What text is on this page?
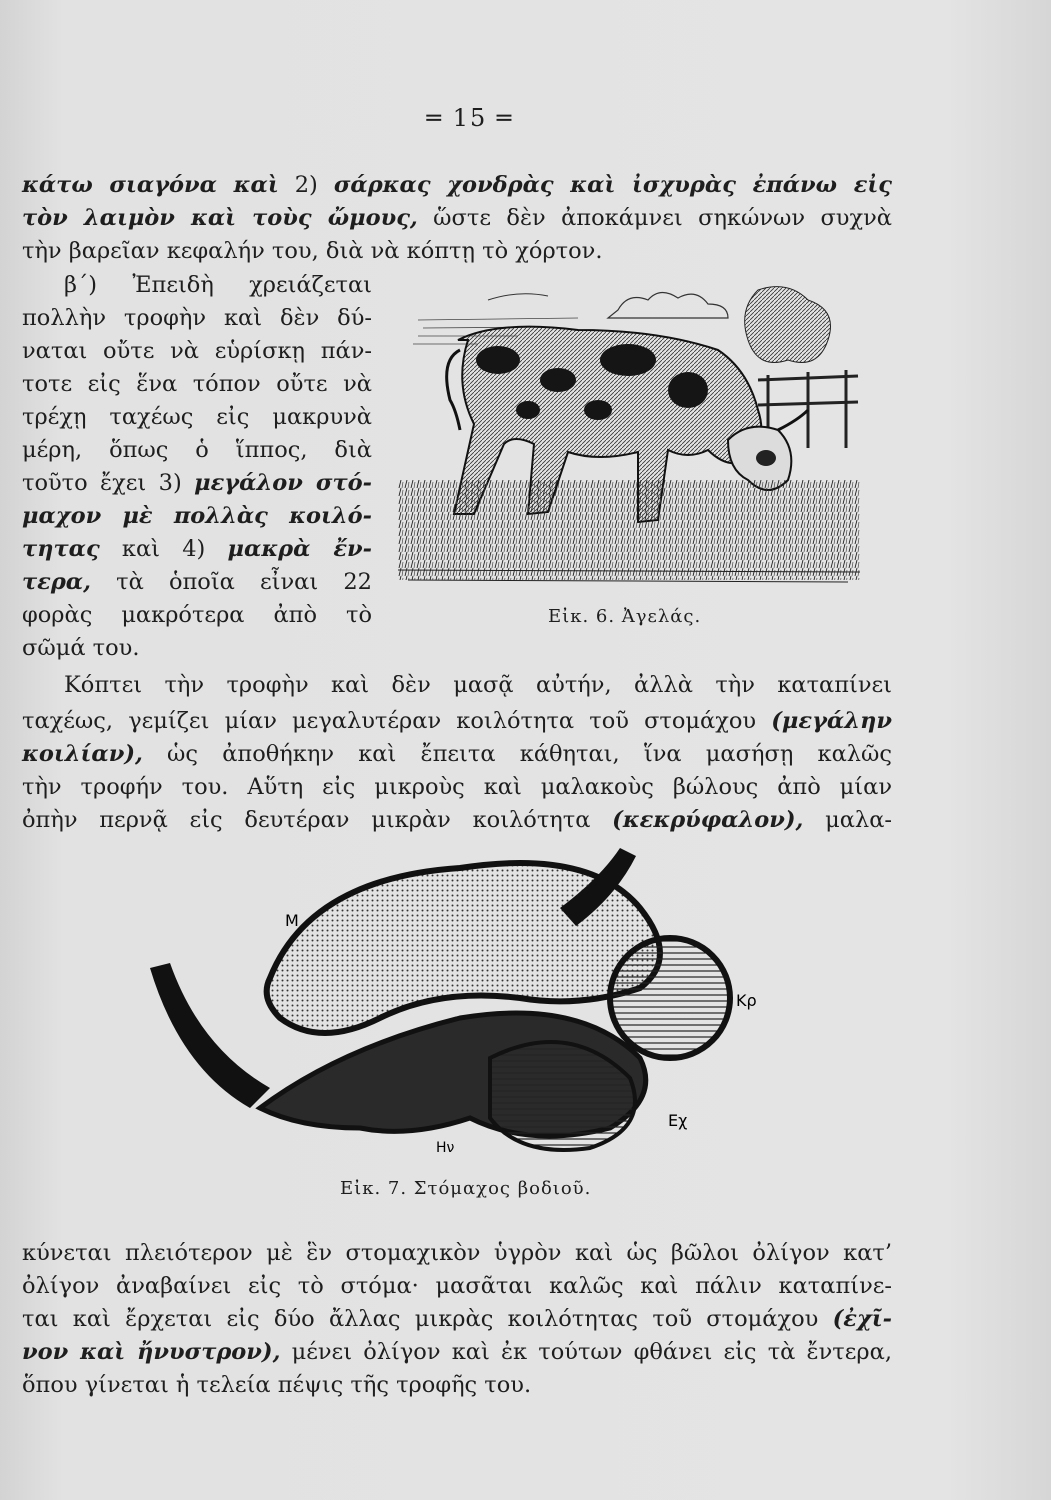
═ 15 ═
κάτω σιαγόνα καὶ 2) σάρκας χονδρὰς καὶ ἰσχυρὰς ἐπάνω εἰς
τὸν λαιμὸν καὶ τοὺς ὤμους, ὥστε δὲν ἀποκάμνει σηκώνων συχνὰ
τὴν βαρεῖαν κεφαλήν του, διὰ νὰ κόπτῃ τὸ χόρτον.
β΄) Ἐπειδὴ χρειάζεται
πολλὴν τροφὴν καὶ δὲν δύ-
ναται οὔτε νὰ εὑρίσκῃ πάν-
τοτε εἰς ἕνα τόπον οὔτε νὰ
τρέχῃ ταχέως εἰς μακρυνὰ
μέρη, ὅπως ὁ ἵππος, διὰ
τοῦτο ἔχει 3) μεγάλον στό-
μαχον μὲ πολλὰς κοιλό-
τητας καὶ 4) μακρὰ ἔν-
τερα, τὰ ὁποῖα εἶναι 22
φορὰς μακρότερα ἀπὸ τὸ
σῶμά του.
Εἰκ. 6. Ἀγελάς.
Κόπτει τὴν τροφὴν καὶ δὲν μασᾷ αὐτήν, ἀλλὰ τὴν καταπίνει
ταχέως, γεμίζει μίαν μεγαλυτέραν κοιλότητα τοῦ στομάχου (μεγάλην
κοιλίαν), ὡς ἀποθήκην καὶ ἔπειτα κάθηται, ἵνα μασήσῃ καλῶς
τὴν τροφήν του. Αὕτη εἰς μικροὺς καὶ μαλακοὺς βώλους ἀπὸ μίαν
ὀπὴν περνᾷ εἰς δευτέραν μικρὰν κοιλότητα (κεκρύφαλον), μαλα-
Μ
Κρ
Εχ
Ην
Εἰκ. 7. Στόμαχος βοδιοῦ.
κύνεται πλειότερον μὲ ἓν στομαχικὸν ὑγρὸν καὶ ὡς βῶλοι ὀλίγον κατ’
ὀλίγον ἀναβαίνει εἰς τὸ στόμα· μασᾶται καλῶς καὶ πάλιν καταπίνε-
ται καὶ ἔρχεται εἰς δύο ἄλλας μικρὰς κοιλότητας τοῦ στομάχου (ἐχῖ-
νον καὶ ἤνυστρον), μένει ὀλίγον καὶ ἐκ τούτων φθάνει εἰς τὰ ἔντερα,
ὅπου γίνεται ἡ τελεία πέψις τῆς τροφῆς του.
